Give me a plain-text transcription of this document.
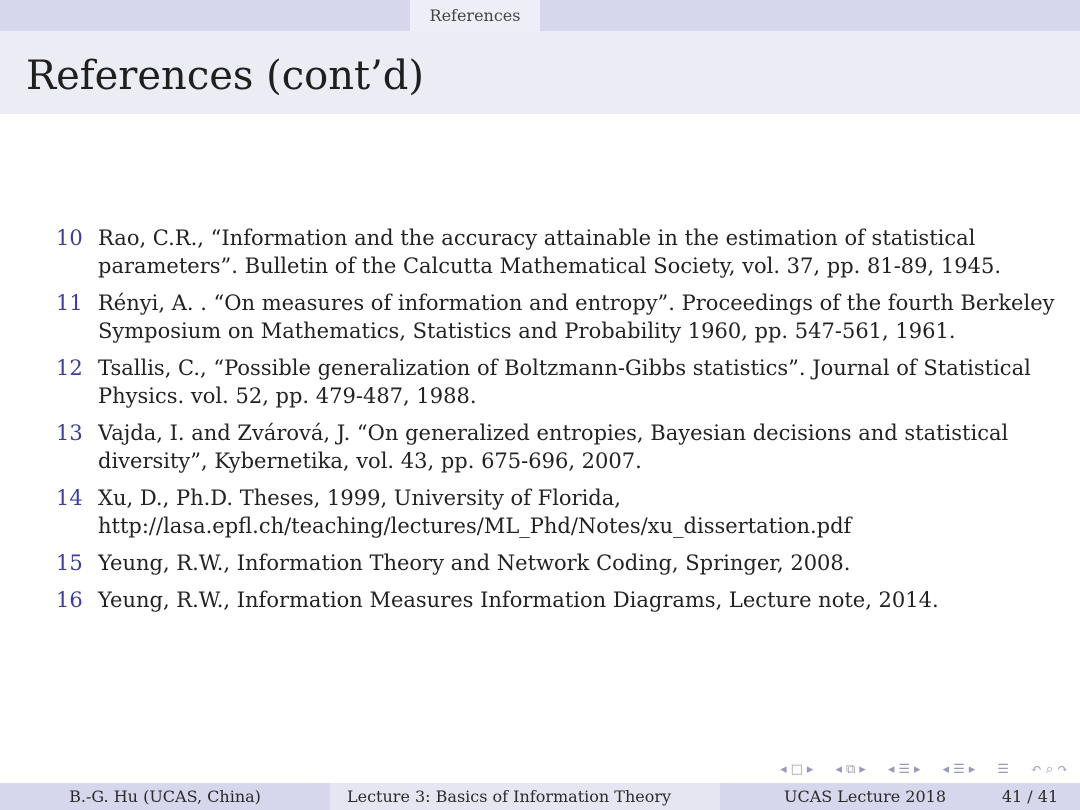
References
References (cont’d)
10 Rao, C.R., “Information and the accuracy attainable in the estimation of statistical parameters”. Bulletin of the Calcutta Mathematical Society, vol. 37, pp. 81-89, 1945.
11 Rényi, A. . “On measures of information and entropy”. Proceedings of the fourth Berkeley Symposium on Mathematics, Statistics and Probability 1960, pp. 547-561, 1961.
12 Tsallis, C., “Possible generalization of Boltzmann-Gibbs statistics”. Journal of Statistical Physics. vol. 52, pp. 479-487, 1988.
13 Vajda, I. and Zvárová, J. “On generalized entropies, Bayesian decisions and statistical diversity”, Kybernetika, vol. 43, pp. 675-696, 2007.
14 Xu, D., Ph.D. Theses, 1999, University of Florida, http://lasa.epfl.ch/teaching/lectures/ML_Phd/Notes/xu_dissertation.pdf
15 Yeung, R.W., Information Theory and Network Coding, Springer, 2008.
16 Yeung, R.W., Information Measures Information Diagrams, Lecture note, 2014.
◂ □ ▸ ◂ ⧉ ▸ ◂ ☰ ▸ ◂ ☰ ▸ ☰ ↶ ⌕ ↷
B.-G. Hu (UCAS, China)	Lecture 3: Basics of Information Theory	UCAS Lecture 2018	41 / 41
